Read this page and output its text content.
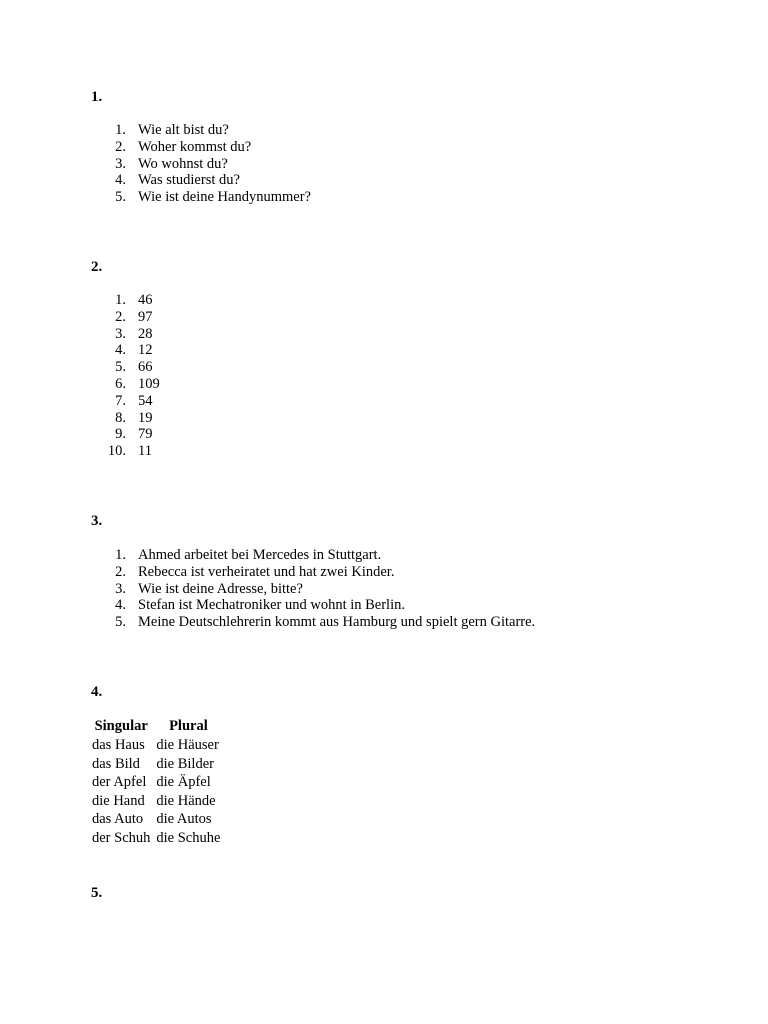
1.
1. Wie alt bist du?
2. Woher kommst du?
3. Wo wohnst du?
4. Was studierst du?
5. Wie ist deine Handynummer?
2.
1. 46
2. 97
3. 28
4. 12
5. 66
6. 109
7. 54
8. 19
9. 79
10. 11
3.
1. Ahmed arbeitet bei Mercedes in Stuttgart.
2. Rebecca ist verheiratet und hat zwei Kinder.
3. Wie ist deine Adresse, bitte?
4. Stefan ist Mechatroniker und wohnt in Berlin.
5. Meine Deutschlehrerin kommt aus Hamburg und spielt gern Gitarre.
4.
Singular	Plural
das Haus	die Häuser
das Bild	die Bilder
der Apfel	die Äpfel
die Hand	die Hände
das Auto	die Autos
der Schuh	die Schuhe
5.
